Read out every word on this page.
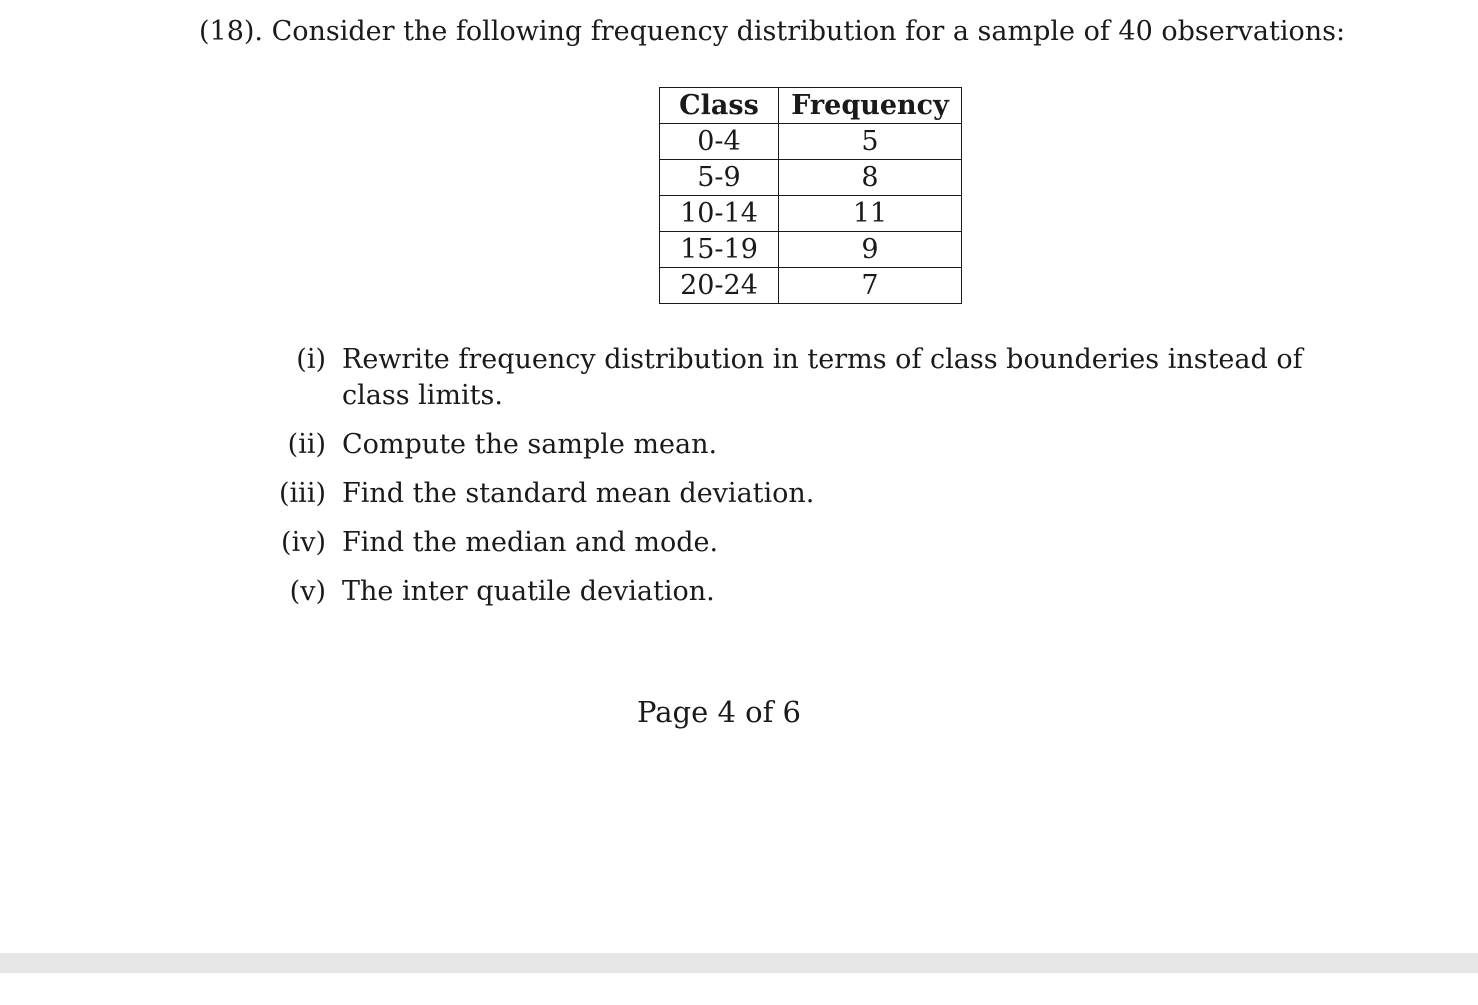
(18). Consider the following frequency distribution for a sample of 40 observations:
Class	Frequency
0-4	5
5-9	8
10-14	11
15-19	9
20-24	7
(i) Rewrite frequency distribution in terms of class bounderies instead of class limits.
(ii) Compute the sample mean.
(iii) Find the standard mean deviation.
(iv) Find the median and mode.
(v) The inter quatile deviation.
Page 4 of 6
